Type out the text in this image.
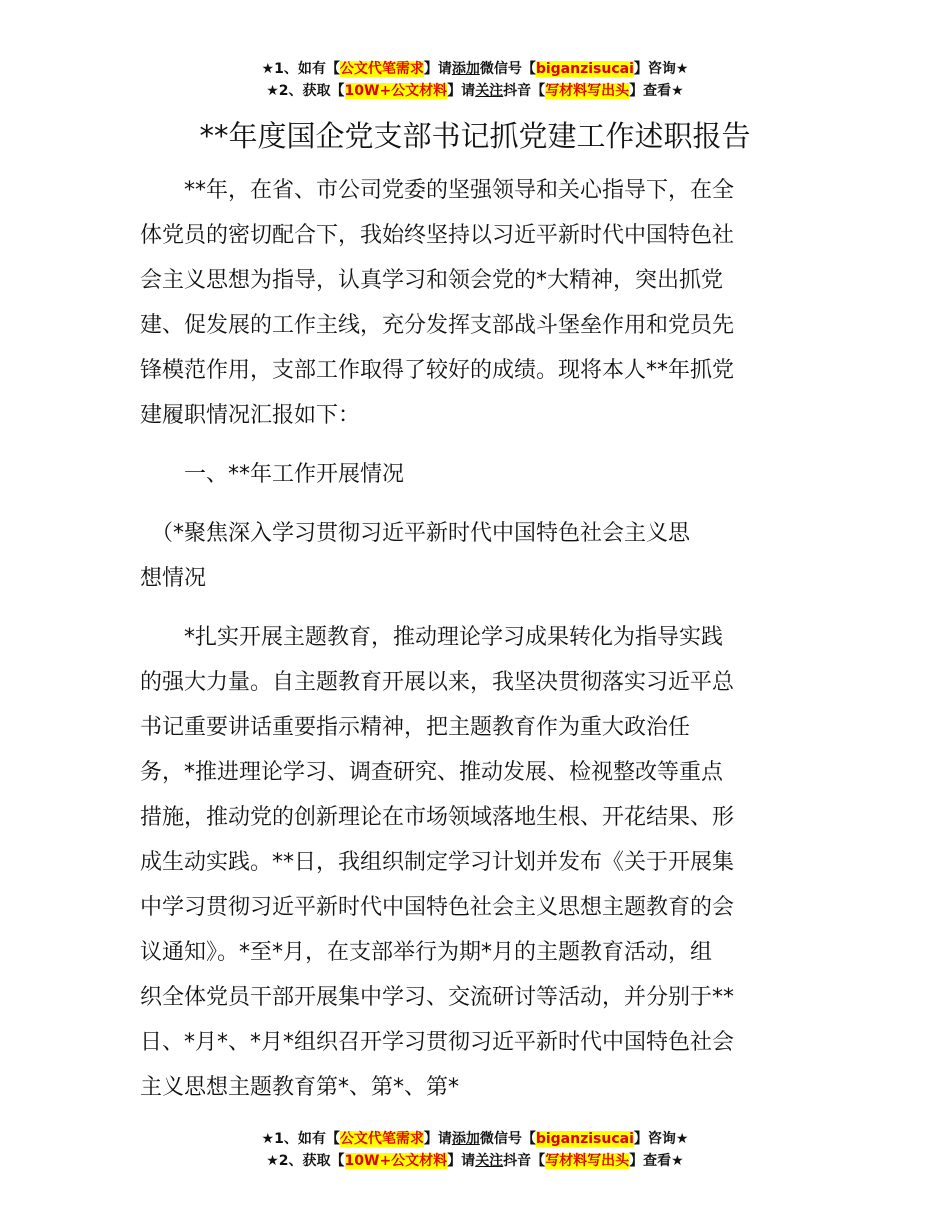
★1、如有【公文代笔需求】请添加微信号【biganzisucai】咨询★
★2、获取【10W+公文材料】请关注抖音【写材料写出头】查看★
**年度国企党支部书记抓党建工作述职报告

　　**年，在省、市公司党委的坚强领导和关心指导下，在全

体党员的密切配合下，我始终坚持以习近平新时代中国特色社

会主义思想为指导，认真学习和领会党的*大精神，突出抓党

建、促发展的工作主线，充分发挥支部战斗堡垒作用和党员先

锋模范作用，支部工作取得了较好的成绩。现将本人**年抓党

建履职情况汇报如下：

　　一、**年工作开展情况

　（*聚焦深入学习贯彻习近平新时代中国特色社会主义思

想情况

　　*扎实开展主题教育，推动理论学习成果转化为指导实践

的强大力量。自主题教育开展以来，我坚决贯彻落实习近平总

书记重要讲话重要指示精神，把主题教育作为重大政治任

务，*推进理论学习、调查研究、推动发展、检视整改等重点

措施，推动党的创新理论在市场领域落地生根、开花结果、形

成生动实践。**日，我组织制定学习计划并发布《关于开展集

中学习贯彻习近平新时代中国特色社会主义思想主题教育的会

议通知》。*至*月，在支部举行为期*月的主题教育活动，组

织全体党员干部开展集中学习、交流研讨等活动，并分别于**

日、*月*、*月*组织召开学习贯彻习近平新时代中国特色社会

主义思想主题教育第*、第*、第*

★1、如有【公文代笔需求】请添加微信号【biganzisucai】咨询★
★2、获取【10W+公文材料】请关注抖音【写材料写出头】查看★
